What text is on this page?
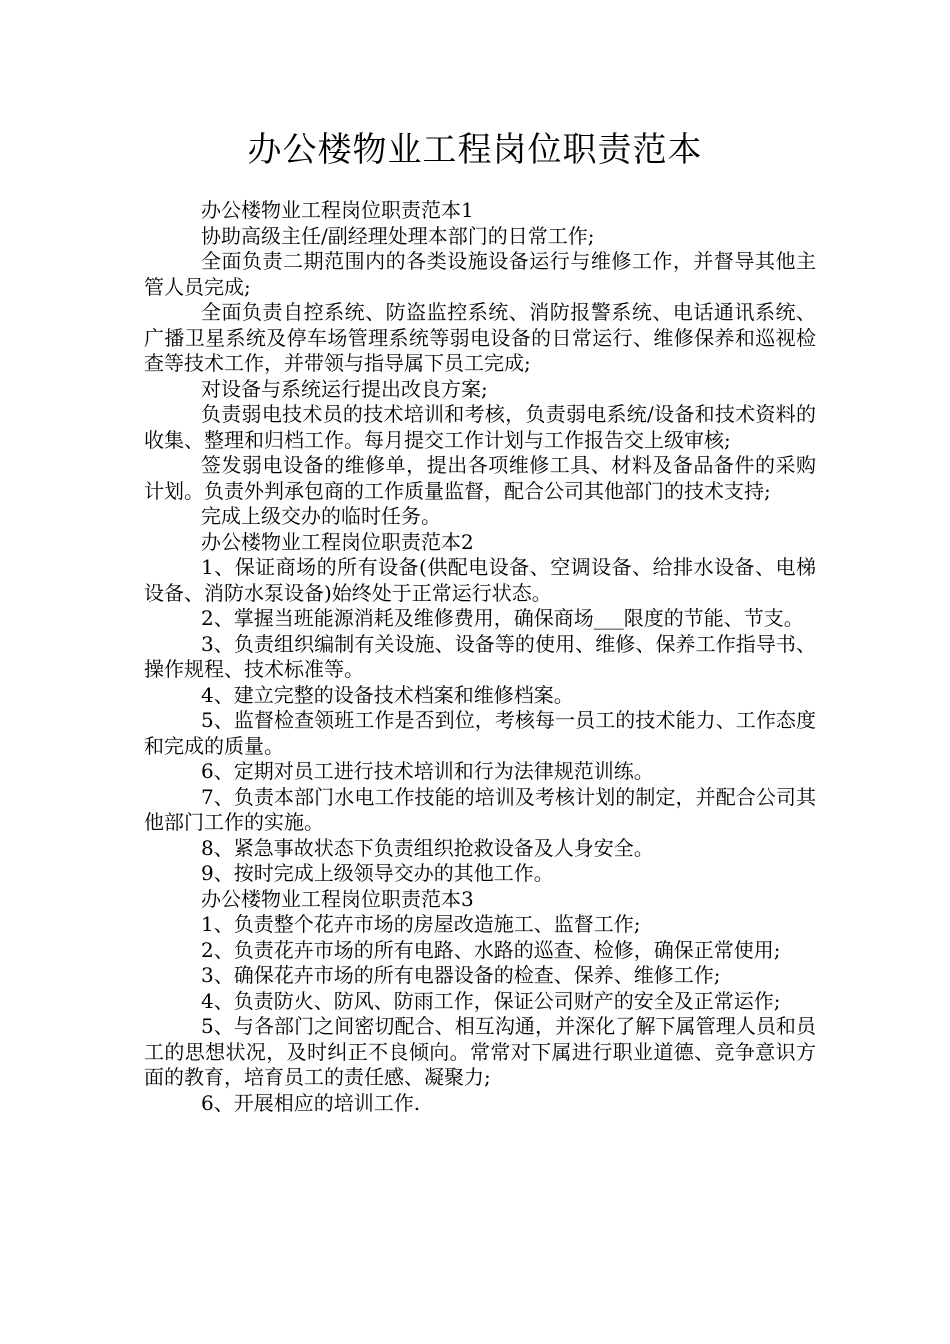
办公楼物业工程岗位职责范本

办公楼物业工程岗位职责范本1

协助高级主任/副经理处理本部门的日常工作;

全面负责二期范围内的各类设施设备运行与维修工作，并督导其他主管人员完成;

全面负责自控系统、防盗监控系统、消防报警系统、电话通讯系统、广播卫星系统及停车场管理系统等弱电设备的日常运行、维修保养和巡视检查等技术工作，并带领与指导属下员工完成;

对设备与系统运行提出改良方案;

负责弱电技术员的技术培训和考核，负责弱电系统/设备和技术资料的收集、整理和归档工作。每月提交工作计划与工作报告交上级审核;

签发弱电设备的维修单，提出各项维修工具、材料及备品备件的采购计划。负责外判承包商的工作质量监督，配合公司其他部门的技术支持;

完成上级交办的临时任务。

办公楼物业工程岗位职责范本2

1、保证商场的所有设备(供配电设备、空调设备、给排水设备、电梯设备、消防水泵设备)始终处于正常运行状态。

2、掌握当班能源消耗及维修费用，确保商场___限度的节能、节支。

3、负责组织编制有关设施、设备等的使用、维修、保养工作指导书、操作规程、技术标准等。

4、建立完整的设备技术档案和维修档案。

5、监督检查领班工作是否到位，考核每一员工的技术能力、工作态度和完成的质量。

6、定期对员工进行技术培训和行为法律规范训练。

7、负责本部门水电工作技能的培训及考核计划的制定，并配合公司其他部门工作的实施。

8、紧急事故状态下负责组织抢救设备及人身安全。

9、按时完成上级领导交办的其他工作。

办公楼物业工程岗位职责范本3

1、负责整个花卉市场的房屋改造施工、监督工作;

2、负责花卉市场的所有电路、水路的巡查、检修，确保正常使用;

3、确保花卉市场的所有电器设备的检查、保养、维修工作;

4、负责防火、防风、防雨工作，保证公司财产的安全及正常运作;

5、与各部门之间密切配合、相互沟通，并深化了解下属管理人员和员工的思想状况，及时纠正不良倾向。常常对下属进行职业道德、竞争意识方面的教育，培育员工的责任感、凝聚力;

6、开展相应的培训工作.
